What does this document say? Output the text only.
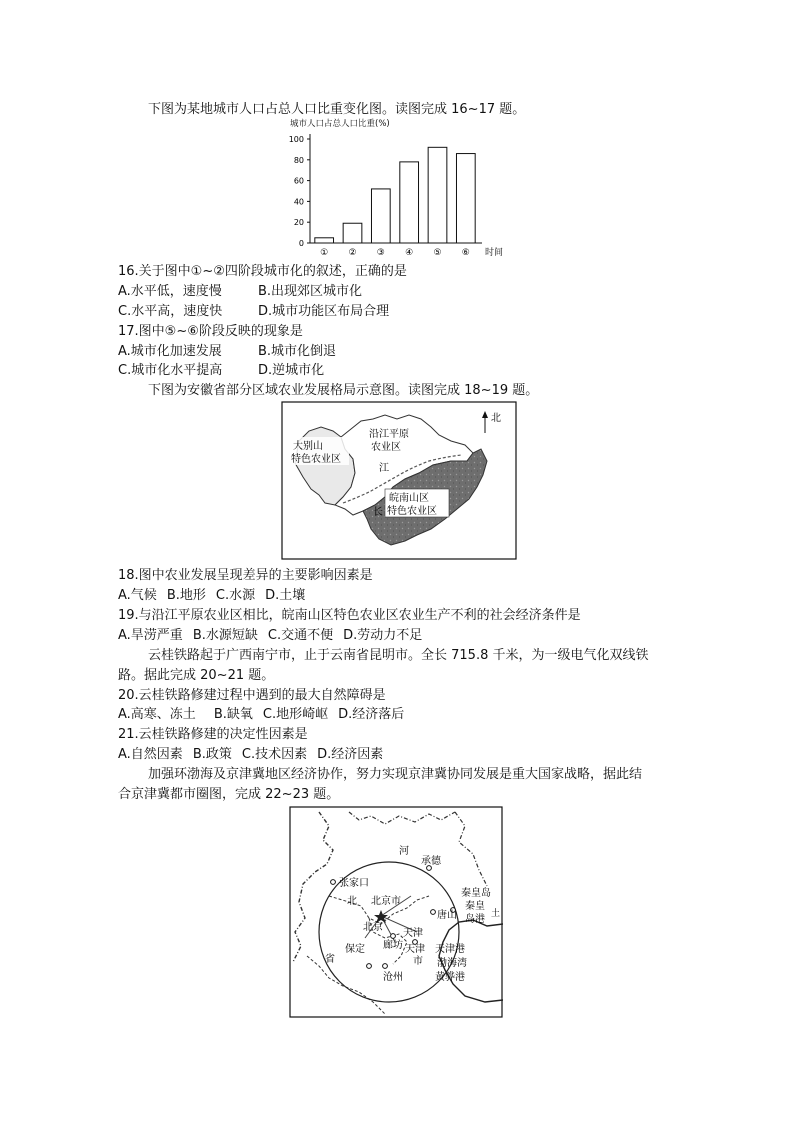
下图为某地城市人口占总人口比重变化图。读图完成 16~17 题。
城市人口占总人口比重(%)
0
20
40
60
80
100
① ② ③ ④ ⑤ ⑥ 时间
16.关于图中①~②四阶段城市化的叙述，正确的是
A.水平低，速度慢	B.出现郊区城市化
C.水平高，速度快	D.城市功能区布局合理
17.图中⑤~⑥阶段反映的现象是
A.城市化加速发展	B.城市化倒退
C.城市化水平提高	D.逆城市化
下图为安徽省部分区域农业发展格局示意图。读图完成 18~19 题。
大别山
特色农业区
沿江平原
农业区
江
长
皖南山区
特色农业区
北
18.图中农业发展呈现差异的主要影响因素是
A.气候 B.地形 C.水源 D.土壤
19.与沿江平原农业区相比，皖南山区特色农业区农业生产不利的社会经济条件是
A.旱涝严重 B.水源短缺 C.交通不便 D.劳动力不足
云桂铁路起于广西南宁市，止于云南省昆明市。全长 715.8 千米，为一级电气化双线铁
路。据此完成 20~21 题。
20.云桂铁路修建过程中遇到的最大自然障碍是
A.高寒、冻土 B.缺氧 C.地形崎岖 D.经济落后
21.云桂铁路修建的决定性因素是
A.自然因素 B.政策 C.技术因素 D.经济因素
加强环渤海及京津冀地区经济协作，努力实现京津冀协同发展是重大国家战略，据此结
合京津冀都市圈图，完成 22~23 题。
河
承德
张家口
北 北京市
唐山
秦皇岛
秦皇
岛港 土
北京
天津
保定 廊坊 天津
市
天津港
渤海湾
省
沧州	黄骅港
